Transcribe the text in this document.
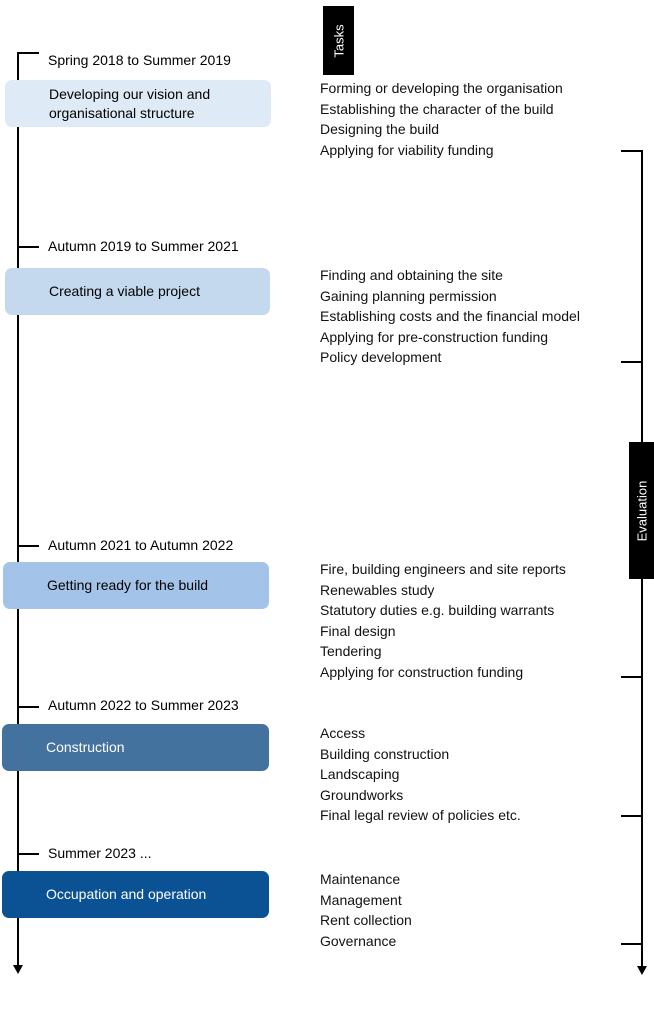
Tasks
Spring 2018 to Summer 2019
Developing our vision and organisational structure
Forming or developing the organisation
Establishing the character of the build
Designing the build
Applying for viability funding
Autumn 2019 to Summer 2021
Creating a viable project
Finding and obtaining the site
Gaining planning permission
Establishing costs and the financial model
Applying for pre-construction funding
Policy development
Autumn 2021 to Autumn 2022
Getting ready for the build
Fire, building engineers and site reports
Renewables study
Statutory duties e.g. building warrants
Final design
Tendering
Applying for construction funding
Autumn 2022 to Summer 2023
Construction
Access
Building construction
Landscaping
Groundworks
Final legal review of policies etc.
Summer 2023 ...
Occupation and operation
Maintenance
Management
Rent collection
Governance
Evaluation
